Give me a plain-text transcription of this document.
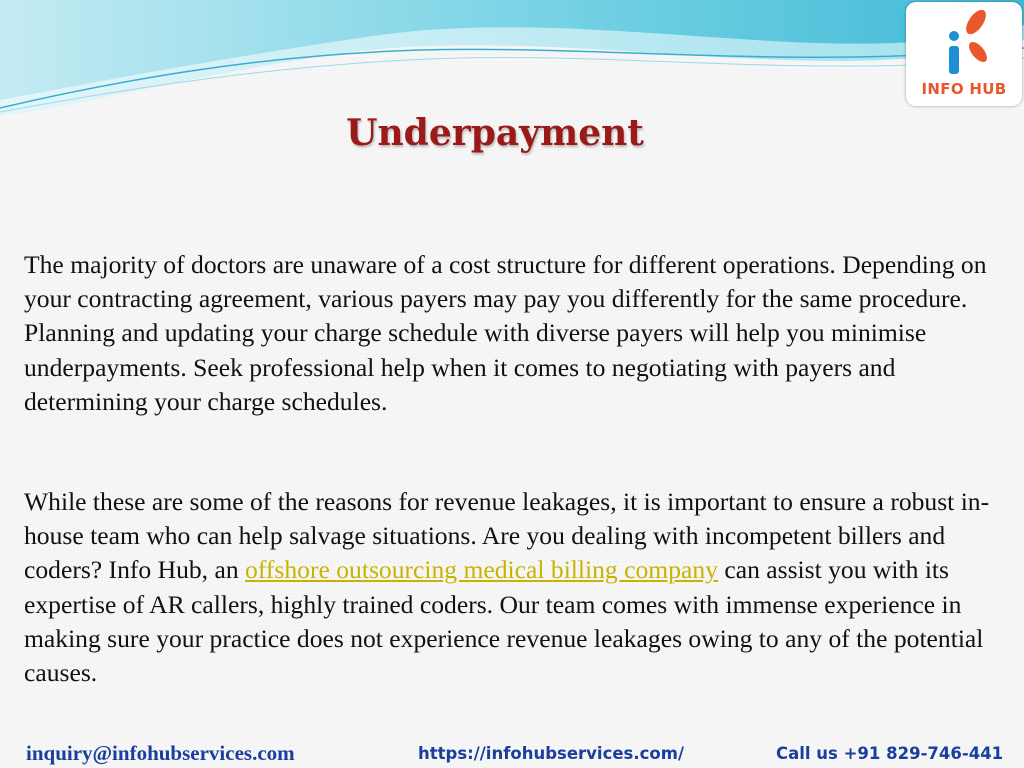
INFO HUB
Underpayment
The majority of doctors are unaware of a cost structure for different operations. Depending on your contracting agreement, various payers may pay you differently for the same procedure. Planning and updating your charge schedule with diverse payers will help you minimise underpayments. Seek professional help when it comes to negotiating with payers and determining your charge schedules.
While these are some of the reasons for revenue leakages, it is important to ensure a robust in-house team who can help salvage situations. Are you dealing with incompetent billers and coders? Info Hub, an offshore outsourcing medical billing company can assist you with its expertise of AR callers, highly trained coders. Our team comes with immense experience in making sure your practice does not experience revenue leakages owing to any of the potential causes.
inquiry@infohubservices.com	https://infohubservices.com/	Call us +91 829-746-441
